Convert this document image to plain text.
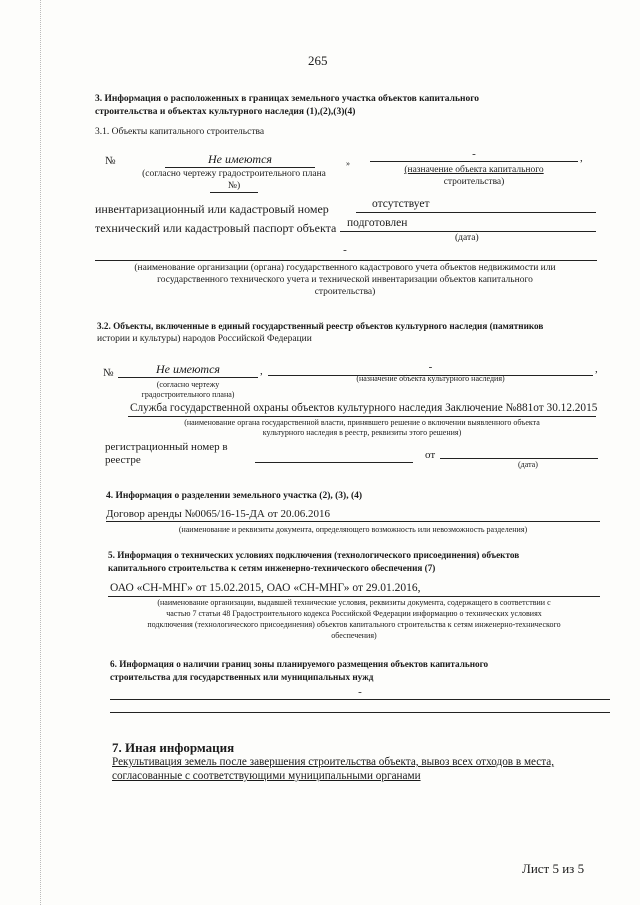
265
3. Информация о расположенных в границах земельного участка объектов капитального
строительства и объектах культурного наследия (1),(2),(3)(4)
3.1. Объекты капитального строительства
№	Не имеются	»
-	,
(согласно чертежу градостроительного плана
№)
(назначение объекта капитального
строительства)
инвентаризационный или кадастровый номер	отсутствует
технический или кадастровый паспорт объекта подготовлен
(дата)
-
(наименование организации (органа) государственного кадастрового учета объектов недвижимости или
государственного технического учета и технической инвентаризации объектов капитального
строительства)
3.2. Объекты, включенные в единый государственный реестр объектов культурного наследия (памятников
истории и культуры) народов Российской Федерации
№	Не имеются	,	-	,
(согласно чертежу
градостроительного плана)
(назначение объекта культурного наследия)
Служба государственной охраны объектов культурного наследия Заключение №881от 30.12.2015
(наименование органа государственной власти, принявшего решение о включении выявленного объекта
культурного наследия в реестр, реквизиты этого решения)
регистрационный номер в
реестре	от
(дата)
4. Информация о разделении земельного участка (2), (3), (4)
Договор аренды №0065/16-15-ДА от 20.06.2016
(наименование и реквизиты документа, определяющего возможность или невозможность разделения)
5. Информация о технических условиях подключения (технологического присоединения) объектов
капитального строительства к сетям инженерно-технического обеспечения (7)
ОАО «СН-МНГ» от 15.02.2015, ОАО «СН-МНГ» от 29.01.2016,
(наименование организации, выдавшей технические условия, реквизиты документа, содержащего в соответствии с
частью 7 статьи 48 Градостроительного кодекса Российской Федерации информацию о технических условиях
подключения (технологического присоединения) объектов капитального строительства к сетям инженерно-технического
обеспечения)
6. Информация о наличии границ зоны планируемого размещения объектов капитального
строительства для государственных или муниципальных нужд
-
7. Иная информация
Рекультивация земель после завершения строительства объекта, вывоз всех отходов в места,
согласованные с соответствующими муниципальными органами
Лист 5 из 5
